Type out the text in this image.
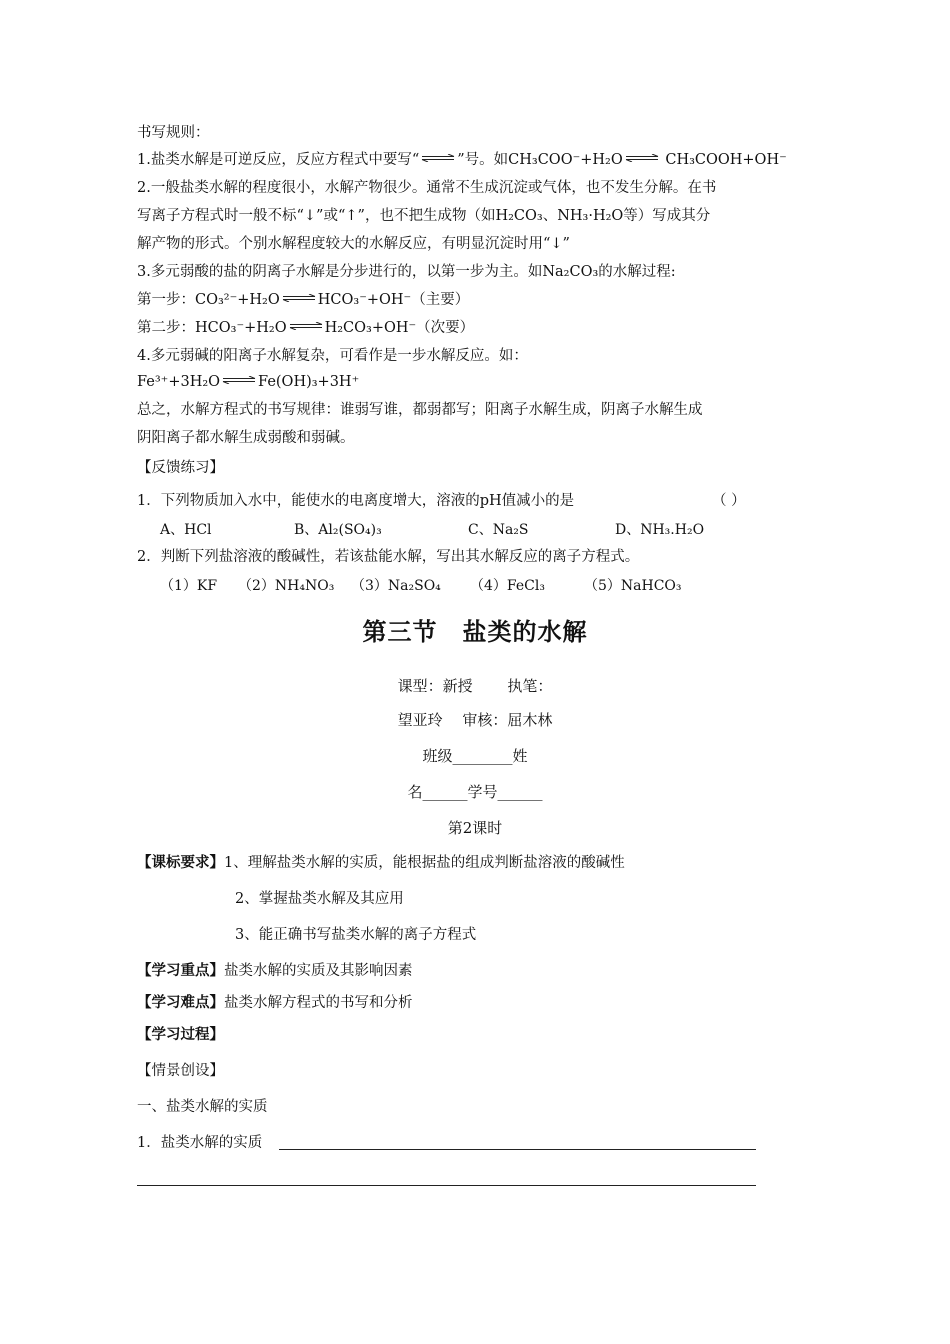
书写规则：
1.盐类水解是可逆反应，反应方程式中要写“ ⇌ ”号。如CH₃COO⁻+H₂O ⇌ CH₃COOH+OH⁻
2.一般盐类水解的程度很小，水解产物很少。通常不生成沉淀或气体，也不发生分解。在书
写离子方程式时一般不标“↓”或“↑”，也不把生成物（如H₂CO₃、NH₃·H₂O等）写成其分
解产物的形式。个别水解程度较大的水解反应，有明显沉淀时用“↓”
3.多元弱酸的盐的阴离子水解是分步进行的，以第一步为主。如Na₂CO₃的水解过程:
第一步：CO₃²⁻+H₂O ⇌ HCO₃⁻+OH⁻（主要）
第二步：HCO₃⁻+H₂O ⇌ H₂CO₃+OH⁻（次要）
4.多元弱碱的阳离子水解复杂，可看作是一步水解反应。如：
Fe³⁺+3H₂O ⇌ Fe(OH)₃+3H⁺
总之，水解方程式的书写规律：谁弱写谁，都弱都写；阳离子水解生成，阴离子水解生成
阴阳离子都水解生成弱酸和弱碱。
【反馈练习】
1．下列物质加入水中，能使水的电离度增大，溶液的pH值减小的是	（ ）
A、HCl	B、Al₂(SO₄)₃	C、Na₂S	D、NH₃.H₂O
2．判断下列盐溶液的酸碱性，若该盐能水解，写出其水解反应的离子方程式。
（1）KF （2）NH₄NO₃ （3）Na₂SO₄ （4）FeCl₃	（5）NaHCO₃
第三节　盐类的水解
课型：新授　　 执笔：
望亚玲　 审核：屈木林
班级________姓
名______学号______
第2课时
【课标要求】1、理解盐类水解的实质，能根据盐的组成判断盐溶液的酸碱性
2、掌握盐类水解及其应用
3、能正确书写盐类水解的离子方程式
【学习重点】盐类水解的实质及其影响因素
【学习难点】盐类水解方程式的书写和分析
【学习过程】
【情景创设】
一、盐类水解的实质
1．盐类水解的实质
